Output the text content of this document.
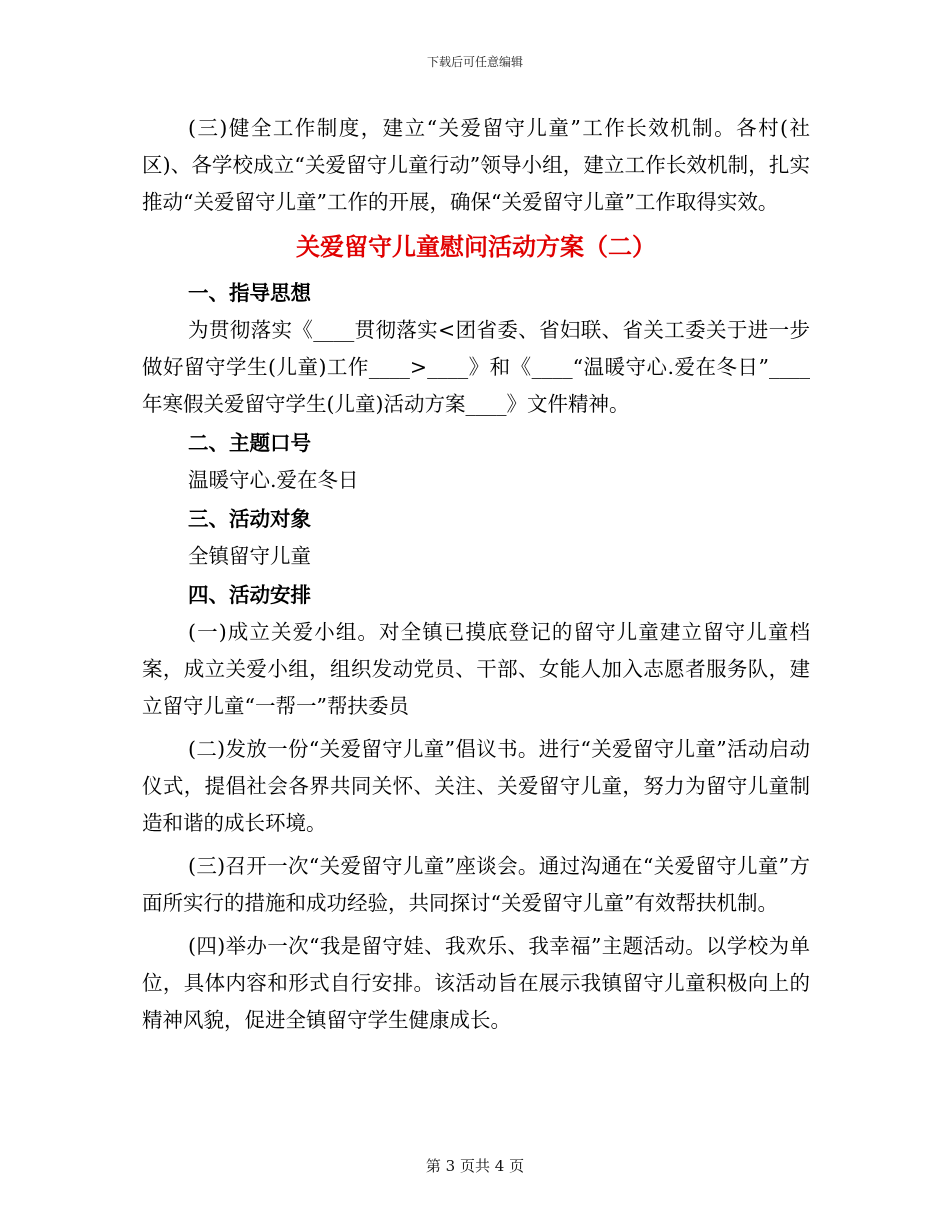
下载后可任意编辑

(三)健全工作制度，建立“关爱留守儿童”工作长效机制。各村(社区)、各学校成立“关爱留守儿童行动”领导小组，建立工作长效机制，扎实推动“关爱留守儿童”工作的开展，确保“关爱留守儿童”工作取得实效。

关爱留守儿童慰问活动方案（二）

一、指导思想

为贯彻落实《____贯彻落实<团省委、省妇联、省关工委关于进一步做好留守学生(儿童)工作____>____》和《____“温暖守心.爱在冬日”____年寒假关爱留守学生(儿童)活动方案____》文件精神。

二、主题口号

温暖守心.爱在冬日

三、活动对象

全镇留守儿童

四、活动安排

(一)成立关爱小组。对全镇已摸底登记的留守儿童建立留守儿童档案，成立关爱小组，组织发动党员、干部、女能人加入志愿者服务队，建立留守儿童“一帮一”帮扶委员

(二)发放一份“关爱留守儿童”倡议书。进行“关爱留守儿童”活动启动仪式，提倡社会各界共同关怀、关注、关爱留守儿童，努力为留守儿童制造和谐的成长环境。

(三)召开一次“关爱留守儿童”座谈会。通过沟通在“关爱留守儿童”方面所实行的措施和成功经验，共同探讨“关爱留守儿童”有效帮扶机制。

(四)举办一次“我是留守娃、我欢乐、我幸福”主题活动。以学校为单位，具体内容和形式自行安排。该活动旨在展示我镇留守儿童积极向上的精神风貌，促进全镇留守学生健康成长。

第 3 页共 4 页
